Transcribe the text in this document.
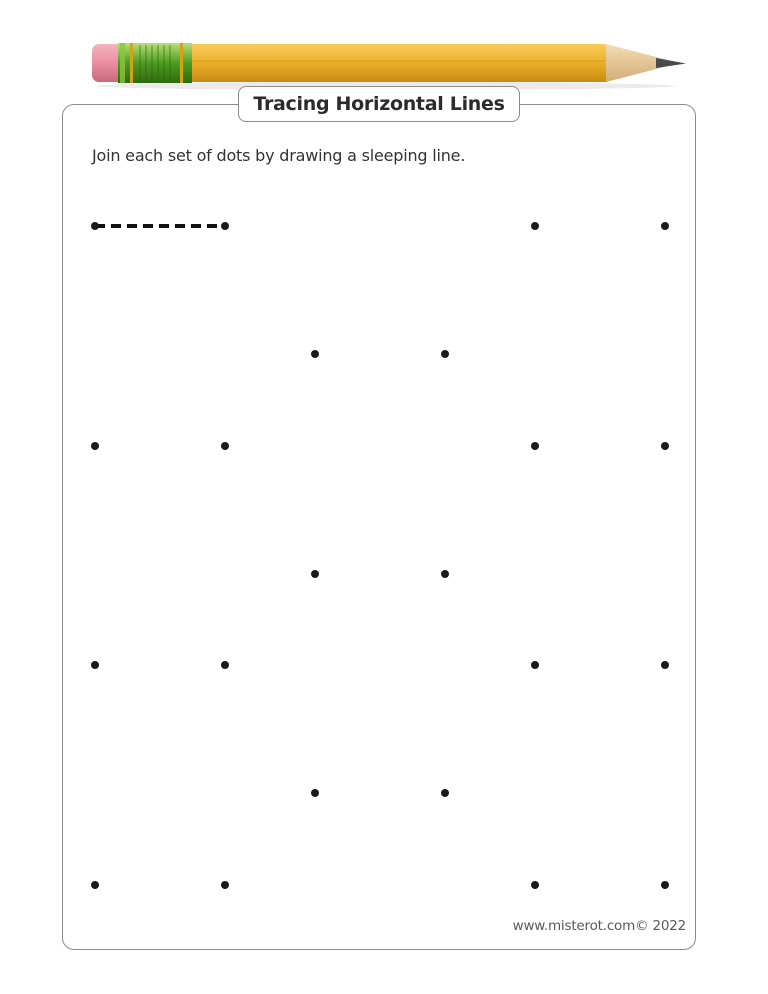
Tracing Horizontal Lines
Join each set of dots by drawing a sleeping line.
www.misterot.com© 2022
